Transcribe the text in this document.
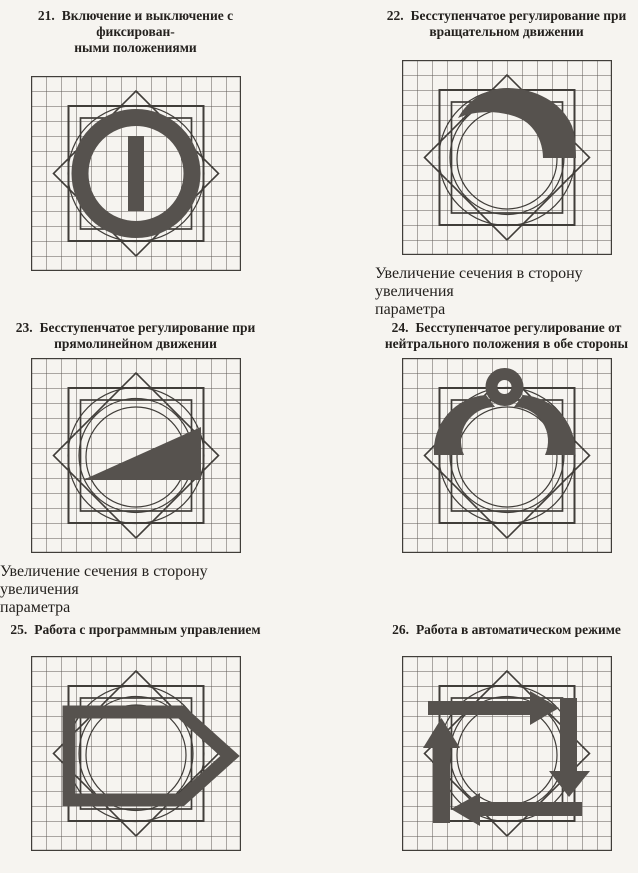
21. Включение и выключение с фиксирован-
ными положениями
22. Бесступенчатое регулирование при
вращательном движении

Увеличение сечения в сторону увеличения
параметра

23. Бесступенчатое регулирование при
прямолинейном движении

Увеличение сечения в сторону увеличения
параметра

24. Бесступенчатое регулирование от
нейтрального положения в обе стороны
25. Работа с программным управлением	26. Работа в автоматическом режиме
